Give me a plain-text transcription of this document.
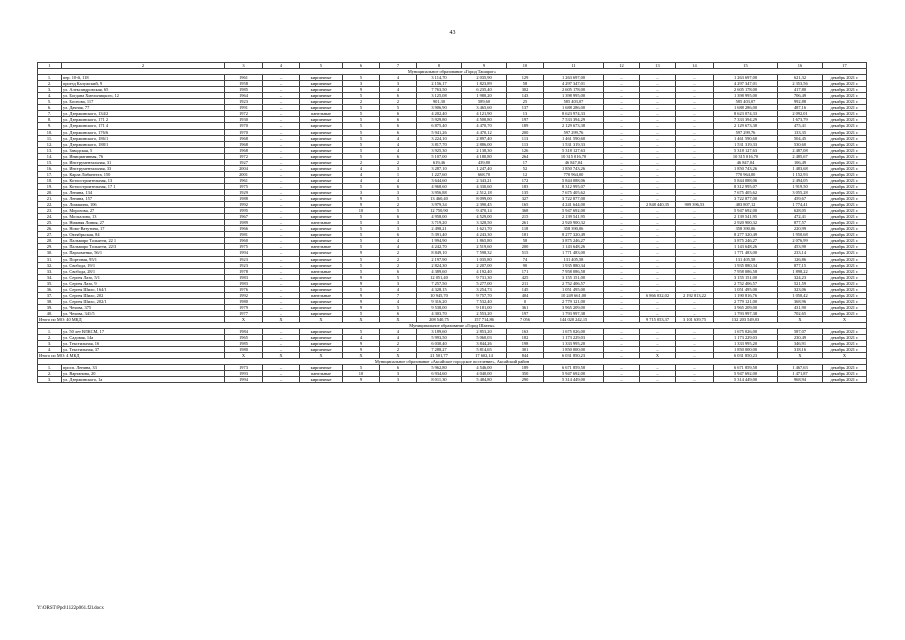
43
1	2	3	4	5	6	7	8	9	10	11	12	13	14	15	16	17
Муниципальное образование «Город Ташарог»																
1.	пер. 10-й, 118	1961	–	кирпичные	5	4	3 114,70	2 035,90	129	1 263 697,00	–	–	–	1 263 697,00	621,32	декабрь 2021 г.
2.	проезд Калужский, 9	1958	–	кирпичные	3	3	2 156,17	1 823,89	58	4 297 347,01	–	–	–	4 297 347,01	2 353,56	декабрь 2021 г.
3.	ул. Александровская, 65	1985	–	кирпичные	9	4	7 763,50	6 235,40	302	2 605 178,00	–	–	–	2 605 178,00	417,80	декабрь 2021 г.
4.	ул. Богдана Хмельницкого, 12	1964	–	кирпичные	5	6	3 125,08	1 980,20	143	1 398 995,00	–	–	–	1 398 995,00	706,49	декабрь 2021 г.
5.	ул. Боснова, 117	1923	–	кирпичные	2	2	901,30	589,60	25	585 403,07	–	–	–	585 403,07	992,88	декабрь 2021 г.
6.	ул. Дачная, 77	1991	–	кирпичные	5	5	3 906,90	3 465,60	137	1 688 286,00	–	–	–	1 688 286,00	487,16	декабрь 2021 г.
7.	ул. Дзержинского, 134/2	1972	–	панельные	5	6	4 202,40	4 121,90	13	8 623 974,33	–	–	–	8 623 074,33	2 092,01	декабрь 2021 г.
8.	ул. Дзержинского, 171 2	1930	–	кирпичные	5	6	5 929,80	4 500,80	197	7 533 394,29	–	–	–	7 333 394,29	1 673,79	декабрь 2021 г.
9.	ул. Дзержинского, 171 4	1970	–	кирпичные	5	6	6 875,40	4 470,70	189	2 129 673,38	–	–	–	2 129 673,38	475,41	декабрь 2021 г.
10.	ул. Дзержинского, 176/6	1970	–	кирпичные	5	6	5 941,26	4 470,12	200	597 299,76	–	–	–	597 299,76	133,35	декабрь 2021 г.
11.	ул. Дзержинского, 186/1	1968	–	кирпичные	5	4	3 224,10	2 897,40	113	1 461 590,60	–	–	–	1 461 590,60	504,45	декабрь 2021 г.
12.	ул. Дзержинского, 188/1	1968	–	кирпичные	5	4	3 817,70	2 886,00	113	1 531 319,33	–	–	–	1 531 319,33	530,60	декабрь 2021 г.
13.	ул. Заводская, 5	1968	–	кирпичные	5	4	3 925,30	2 138,30	126	5 318 127,63	–	–	–	5 318 127,63	2 487,08	декабрь 2021 г.
14.	ул. Инициативная, 76	1972	–	кирпичные	5	6	5 107,00	4 180,80	264	10 315 016,70	–	–	–	10 315 016,70	2 485,67	декабрь 2021 г.
15.	ул. Инструментальная, 31	1927	–	кирпичные	2	2	619,46	439,80	17	46 847,04	–	–	–	46 847,04	106,49	декабрь 2021 г.
16.	ул. Инструментальная, 33	2004	–	кирпичные	4	3	3 287,10	1 247,40	52	1 850 743,26	–	–	–	1 850 743,26	1 483,68	декабрь 2021 г.
17.	ул. Карла Либкнехта, 150	2001	–	кирпичные	4	1	1 227,60	668,70	12	770 964,00	–	–	–	770 964,00	1 152,93	декабрь 2021 г.
18.	ул. Котлостроительная, 13	1961	–	кирпичные	4	4	3 644,60	2 343,21	172	5 844 088,06	–	–	–	5 844 088,06	2 494,05	декабрь 2021 г.
19.	ул. Котлостроительная, 17 1	1975	–	кирпичные	5	6	4 968,60	4 330,60	183	8 312 995,07	–	–	–	8 312 995,07	1 919,50	декабрь 2021 г.
20.	ул. Ленина, 134	1929	–	кирпичные	3	3	3 956,88	2 512,18	135	7 675 405,62	–	–	–	7 675 405,62	3 055,28	декабрь 2021 г.
21.	ул. Ленина, 157	1988	–	кирпичные	9	5	13 460,40	8 099,00	327	3 722 877,00	–	–	–	3 722 877,00	459,67	декабрь 2021 г.
22.	ул. Ломакина, 106	1992	–	кирпичные	9	2	3 979,34	2 390,45	165	4 241 644,00	–	2 848 440,35	909 396,53	483 807,12	1 774,41	декабрь 2021 г.
23.	ул. Морозова, 27	1995	–	кирпичные	10	5	12 750,90	9 470,14	368	5 947 692,00	–	–	–	5 947 692,00	628,05	декабрь 2021 г.
24.	ул. Москалова, 13	1967	–	кирпичные	5	6	4 958,00	4 529,00	215	2 139 541,95	–	–	–	2 139 541,95	472,41	декабрь 2021 г.
25.	ул. Нижняя Линия, 27	1989	–	панельные	5	3	3 719,20	3 328,50	261	2 920 900,32	–	–	–	2 920 900,32	877,57	декабрь 2021 г.
26.	ул. Ново-Ватутина, 17	1966	–	кирпичные	5	3	2 498,21	1 621,70	118	358 390,06	–	–	–	358 390,06	220,99	декабрь 2021 г.
27.	ул. Октябрьская, 84	1981	–	кирпичные	5	6	5 391,40	4 243,30	181	8 277 320,49	–	–	–	8 277 320,49	1 950,68	декабрь 2021 г.
28.	ул. Пальмиро Тольятти, 22 1	1960	–	кирпичные	5	4	1 994,90	1 865,80	58	3 875 246,27	–	–	–	3 875 246,27	2 076,99	декабрь 2021 г.
29.	ул. Пальмиро Тольятти, 22/3	1975	–	панельные	5	4	4 242,70	2 519,60	200	1 143 648,26	–	–	–	1 143 648,26	453,90	декабрь 2021 г.
30.	ул. Пархоменко, 56/1	1994	–	кирпичные	9	2	8 849,10	7 598,32	515	1 771 483,00	–	–	–	1 771 483,00	233,14	декабрь 2021 г.
31.	ул. Портовая, 95/1	1923	–	кирпичные	5	2	2 197,90	1 035,80	74	131 405,58	–	–	–	131 405,58	126,86	декабрь 2021 г.
32.	ул. Свобода, 19/1	1923	–	кирпичные	5	2	2 824,30	2 207,00	90	1 935 880,34	–	–	–	1 935 880,34	877,15	декабрь 2021 г.
33.	ул. Свобода, 28/1	1978	–	панельные	5	6	4 389,60	4 192,40	171	7 958 086,58	–	–	–	7 958 086,58	1 898,22	декабрь 2021 г.
34.	ул. Сергея Лазо, 5/1	1983	–	кирпичные	9	5	12 051,40	9 731,30	425	3 155 151,00	–	–	–	3 155 151,00	324,23	декабрь 2021 г.
35.	ул. Сергея Лазо, 9	1983	–	кирпичные	9	3	7 257,50	5 277,00	211	2 752 406,57	–	–	–	2 752 406,57	521,59	декабрь 2021 г.
36.	ул. Сергея Шило, 164/1	1976	–	кирпичные	5	4	4 328,15	3 254,73	145	1 051 495,00	–	–	–	1 051 495,00	323,06	декабрь 2021 г.
37.	ул. Сергея Шило, 202	1992	–	панельные	9	7	10 945,70	9 757,70	404	10 249 661,00	–	6 866 032,02	2 192 813,22	1 190 816,76	1 050,42	декабрь 2021 г.
38.	ул. Сергея Шило, 202/1	1980	–	кирпичные	9	4	9 316,20	7 532,40	0	2 779 121,00	–	–	–	2 779 121,00	368,96	декабрь 2021 г.
39.	ул. Чехова, 375	1979	–	кирпичные	9	5	9 538,00	9 181,00	361	3 965 209,00	–	–	–	3 965 209,00	431,90	декабрь 2021 г.
40.	ул. Чехова, 341/5	1977	–	кирпичные	5	6	4 303,70	2 553,20	197	1 793 997,38	–	–	–	1 793 997,38	702,65	декабрь 2021 г.
Итого по МО: 40 МКД		X	X	X	X	X	208 540,75	157 714,86	7 056	144 020 242,15	–	9 715 053,37	3 101 639,75	132 203 549,03	X	X
Муниципальное образование «Город Шахты»																
1.	ул. 50 лет ВЛКСМ, 17	1984	–	кирпичные	5	4	3 189,60	2 853,20	163	1 675 026,00	–	–	–	1 675 026,00	587,07	декабрь 2021 г.
2.	ул. Садовая, 14а	1965	–	кирпичные	4	4	5 993,50	5 060,03	182	1 173 229,03	–	–	–	1 173 229,03	230,49	декабрь 2021 г.
3.	ул. Текстильная, 16	1985	–	кирпичные	9	2	6 030,40	3 844,26	198	1 333 995,20	–	–	–	1 333 995,20	346,91	декабрь 2021 г.
4.	ул. Текстильная, 37	1980	–	кирпичные	9	2	7 288,27	5 814,65	301	1 850 000,00	–	–	–	1 850 000,00	318,16	декабрь 2021 г.
Итого по МО: 4 МКД		X	X	X	X	X	21 501,77	17 602,14	844	6 031 850,23	–	X	–	6 031 850,23	X	X
Муниципальное образование «Аксайское городское поселение», Аксайский район																
1.	просп. Ленина, 33	1973	–	кирпичные	5	6	5 962,80	4 546,00	189	6 671 859,58	–	–	–	6 671 859,58	1 467,63	декабрь 2021 г.
2.	ул. Вартанова, 20	1993	–	панельные	10	3	6 934,60	4 040,00	350	5 947 692,00	–	–	–	5 947 692,00	1 471,87	декабрь 2021 г.
3.	ул. Дзержинского, 1а	1994	–	кирпичные	9	3	8 011,30	5 484,80	290	5 314 449,00	–	–	–	5 314 449,00	968,94	декабрь 2021 г.
Y:\ORST\Ppd\1122p061.f2l.docx
